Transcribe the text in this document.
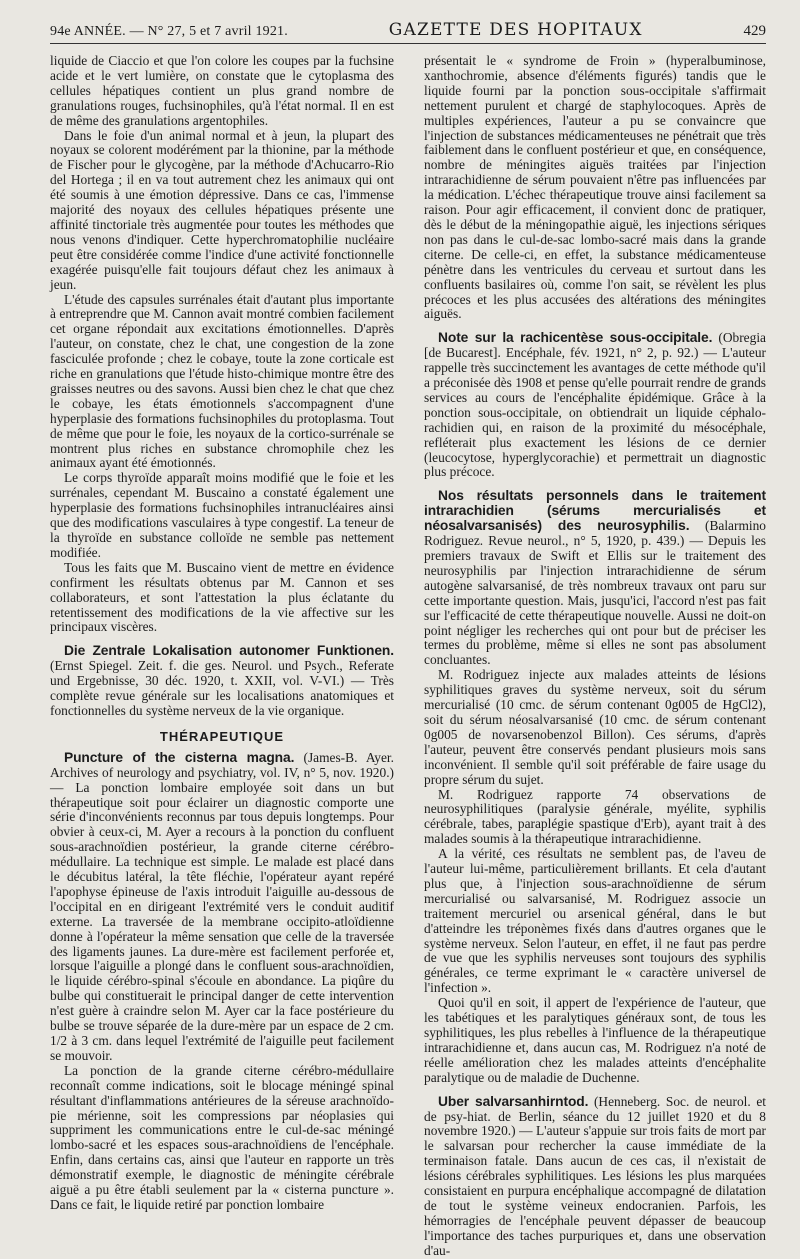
94e ANNÉE. — N° 27, 5 et 7 avril 1921.	GAZETTE DES HOPITAUX	429

liquide de Ciaccio et que l'on colore les coupes par la fuchsine acide et le vert lumière, on constate que le cytoplasma des cellules hépatiques contient un plus grand nombre de granulations rouges, fuchsinophiles, qu'à l'état normal. Il en est de même des granulations argentophiles.

Dans le foie d'un animal normal et à jeun, la plupart des noyaux se colorent modérément par la thionine, par la méthode de Fischer pour le glycogène, par la méthode d'Achucarro-Rio del Hortega ; il en va tout autrement chez les animaux qui ont été soumis à une émotion dépressive. Dans ce cas, l'immense majorité des noyaux des cellules hépatiques présente une affinité tinctoriale très augmentée pour toutes les méthodes que nous venons d'indiquer. Cette hyperchromatophilie nucléaire peut être considérée comme l'indice d'une activité fonctionnelle exagérée puisqu'elle fait toujours défaut chez les animaux à jeun.

L'étude des capsules surrénales était d'autant plus importante à entreprendre que M. Cannon avait montré combien facilement cet organe répondait aux excitations émotionnelles. D'après l'auteur, on constate, chez le chat, une congestion de la zone fasciculée profonde ; chez le cobaye, toute la zone corticale est riche en granulations que l'étude histo-chimique montre être des graisses neutres ou des savons. Aussi bien chez le chat que chez le cobaye, les états émotionnels s'accompagnent d'une hyperplasie des formations fuchsinophiles du protoplasma. Tout de même que pour le foie, les noyaux de la cortico-surrénale se montrent plus riches en substance chromophile chez les animaux ayant été émotionnés.

Le corps thyroïde apparaît moins modifié que le foie et les surrénales, cependant M. Buscaino a constaté également une hyperplasie des formations fuchsinophiles intranucléaires ainsi que des modifications vasculaires à type congestif. La teneur de la thyroïde en substance colloïde ne semble pas nettement modifiée.

Tous les faits que M. Buscaino vient de mettre en évidence confirment les résultats obtenus par M. Cannon et ses collaborateurs, et sont l'attestation la plus éclatante du retentissement des modifications de la vie affective sur les principaux viscères.

Die Zentrale Lokalisation autonomer Funktionen. (Ernst Spiegel. Zeit. f. die ges. Neurol. und Psych., Referate und Ergebnisse, 30 déc. 1920, t. XXII, vol. V-VI.) — Très complète revue générale sur les localisations anatomiques et fonctionnelles du système nerveux de la vie organique.

THÉRAPEUTIQUE

Puncture of the cisterna magna. (James-B. Ayer. Archives of neurology and psychiatry, vol. IV, n° 5, nov. 1920.) — La ponction lombaire employée soit dans un but thérapeutique soit pour éclairer un diagnostic comporte une série d'inconvénients reconnus par tous depuis longtemps. Pour obvier à ceux-ci, M. Ayer a recours à la ponction du confluent sous-arachnoïdien postérieur, la grande citerne cérébro-médullaire. La technique est simple. Le malade est placé dans le décubitus latéral, la tête fléchie, l'opérateur ayant repéré l'apophyse épineuse de l'axis introduit l'aiguille au-dessous de l'occipital en en dirigeant l'extrémité vers le conduit auditif externe. La traversée de la membrane occipito-atloïdienne donne à l'opérateur la même sensation que celle de la traversée des ligaments jaunes. La dure-mère est facilement perforée et, lorsque l'aiguille a plongé dans le confluent sous-arachnoïdien, le liquide cérébro-spinal s'écoule en abondance. La piqûre du bulbe qui constituerait le principal danger de cette intervention n'est guère à craindre selon M. Ayer car la face postérieure du bulbe se trouve séparée de la dure-mère par un espace de 2 cm. 1/2 à 3 cm. dans lequel l'extrémité de l'aiguille peut facilement se mouvoir.

La ponction de la grande citerne cérébro-médullaire reconnaît comme indications, soit le blocage méningé spinal résultant d'inflammations antérieures de la séreuse arachnoïdo-pie mérienne, soit les compressions par néoplasies qui suppriment les communications entre le cul-de-sac méningé lombo-sacré et les espaces sous-arachnoïdiens de l'encéphale. Enfin, dans certains cas, ainsi que l'auteur en rapporte un très démonstratif exemple, le diagnostic de méningite cérébrale aiguë a pu être établi seulement par la « cisterna puncture ». Dans ce fait, le liquide retiré par ponction lombaire

présentait le « syndrome de Froin » (hyperalbuminose, xanthochromie, absence d'éléments figurés) tandis que le liquide fourni par la ponction sous-occipitale s'affirmait nettement purulent et chargé de staphylocoques. Après de multiples expériences, l'auteur a pu se convaincre que l'injection de substances médicamenteuses ne pénétrait que très faiblement dans le confluent postérieur et que, en conséquence, nombre de méningites aiguës traitées par l'injection intrarachidienne de sérum pouvaient n'être pas influencées par la médication. L'échec thérapeutique trouve ainsi facilement sa raison. Pour agir efficacement, il convient donc de pratiquer, dès le début de la méningopathie aiguë, les injections sériques non pas dans le cul-de-sac lombo-sacré mais dans la grande citerne. De celle-ci, en effet, la substance médicamenteuse pénètre dans les ventricules du cerveau et surtout dans les confluents basilaires où, comme l'on sait, se révèlent les plus précoces et les plus accusées des altérations des méningites aiguës.

Note sur la rachicentèse sous-occipitale. (Obregia [de Bucarest]. Encéphale, fév. 1921, n° 2, p. 92.) — L'auteur rappelle très succinctement les avantages de cette méthode qu'il a préconisée dès 1908 et pense qu'elle pourrait rendre de grands services au cours de l'encéphalite épidémique. Grâce à la ponction sous-occipitale, on obtiendrait un liquide céphalo-rachidien qui, en raison de la proximité du mésocéphale, refléterait plus exactement les lésions de ce dernier (leucocytose, hyperglycorachie) et permettrait un diagnostic plus précoce.

Nos résultats personnels dans le traitement intrarachidien (sérums mercurialisés et néosalvarsanisés) des neurosyphilis. (Balarmino Rodriguez. Revue neurol., n° 5, 1920, p. 439.) — Depuis les premiers travaux de Swift et Ellis sur le traitement des neurosyphilis par l'injection intrarachidienne de sérum autogène salvarsanisé, de très nombreux travaux ont paru sur cette importante question. Mais, jusqu'ici, l'accord n'est pas fait sur l'efficacité de cette thérapeutique nouvelle. Aussi ne doit-on point négliger les recherches qui ont pour but de préciser les termes du problème, même si elles ne sont pas absolument concluantes.

M. Rodriguez injecte aux malades atteints de lésions syphilitiques graves du système nerveux, soit du sérum mercurialisé (10 cmc. de sérum contenant 0g005 de HgCl2), soit du sérum néosalvarsanisé (10 cmc. de sérum contenant 0g005 de novarsenobenzol Billon). Ces sérums, d'après l'auteur, peuvent être conservés pendant plusieurs mois sans inconvénient. Il semble qu'il soit préférable de faire usage du propre sérum du sujet.

M. Rodriguez rapporte 74 observations de neurosyphilitiques (paralysie générale, myélite, syphilis cérébrale, tabes, paraplégie spastique d'Erb), ayant trait à des malades soumis à la thérapeutique intrarachidienne.

A la vérité, ces résultats ne semblent pas, de l'aveu de l'auteur lui-même, particulièrement brillants. Et cela d'autant plus que, à l'injection sous-arachnoïdienne de sérum mercurialisé ou salvarsanisé, M. Rodriguez associe un traitement mercuriel ou arsenical général, dans le but d'atteindre les tréponèmes fixés dans d'autres organes que le système nerveux. Selon l'auteur, en effet, il ne faut pas perdre de vue que les syphilis nerveuses sont toujours des syphilis générales, ce terme exprimant le « caractère universel de l'infection ».

Quoi qu'il en soit, il appert de l'expérience de l'auteur, que les tabétiques et les paralytiques généraux sont, de tous les syphilitiques, les plus rebelles à l'influence de la thérapeutique intrarachidienne et, dans aucun cas, M. Rodriguez n'a noté de réelle amélioration chez les malades atteints d'encéphalite paralytique ou de maladie de Duchenne.

Uber salvarsanhirntod. (Henneberg. Soc. de neurol. et de psy-hiat. de Berlin, séance du 12 juillet 1920 et du 8 novembre 1920.) — L'auteur s'appuie sur trois faits de mort par le salvarsan pour rechercher la cause immédiate de la terminaison fatale. Dans aucun de ces cas, il n'existait de lésions cérébrales syphilitiques. Les lésions les plus marquées consistaient en purpura encéphalique accompagné de dilatation de tout le système veineux endocranien. Parfois, les hémorragies de l'encéphale peuvent dépasser de beaucoup l'importance des taches purpuriques et, dans une observation d'au-
